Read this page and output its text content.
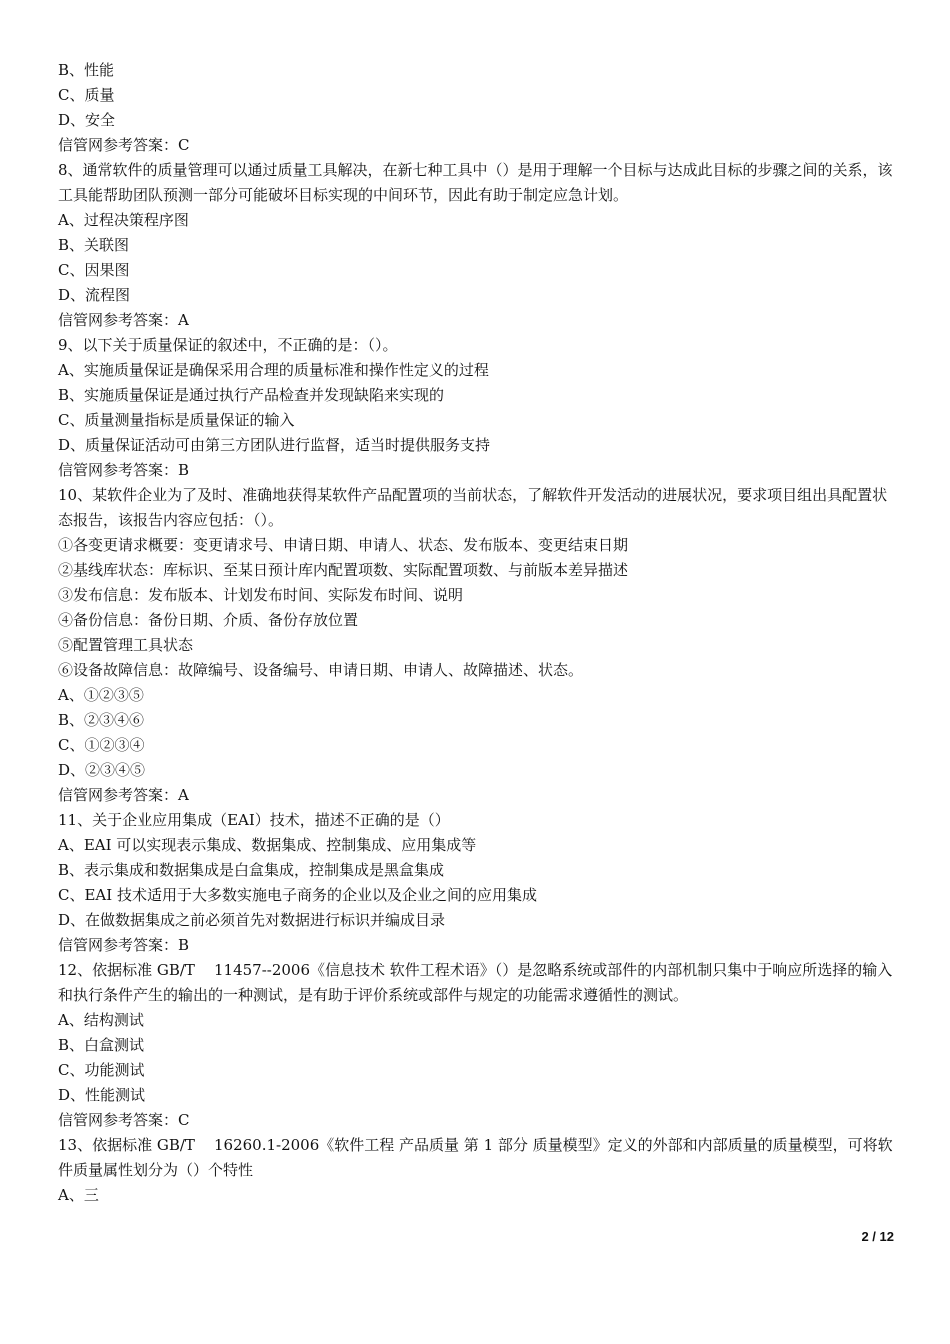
B、性能

C、质量

D、安全

信管网参考答案：C

8、通常软件的质量管理可以通过质量工具解决，在新七种工具中（）是用于理解一个目标与达成此目标的步骤之间的关系，该工具能帮助团队预测一部分可能破坏目标实现的中间环节，因此有助于制定应急计划。

A、过程决策程序图

B、关联图

C、因果图

D、流程图

信管网参考答案：A

9、以下关于质量保证的叙述中，不正确的是：（）。

A、实施质量保证是确保采用合理的质量标准和操作性定义的过程

B、实施质量保证是通过执行产品检查并发现缺陷来实现的

C、质量测量指标是质量保证的输入

D、质量保证活动可由第三方团队进行监督，适当时提供服务支持

信管网参考答案：B

10、某软件企业为了及时、准确地获得某软件产品配置项的当前状态，了解软件开发活动的进展状况，要求项目组出具配置状态报告，该报告内容应包括：（）。

①各变更请求概要：变更请求号、申请日期、申请人、状态、发布版本、变更结束日期

②基线库状态：库标识、至某日预计库内配置项数、实际配置项数、与前版本差异描述

③发布信息：发布版本、计划发布时间、实际发布时间、说明

④备份信息：备份日期、介质、备份存放位置

⑤配置管理工具状态

⑥设备故障信息：故障编号、设备编号、申请日期、申请人、故障描述、状态。

A、①②③⑤

B、②③④⑥

C、①②③④

D、②③④⑤

信管网参考答案：A

11、关于企业应用集成（EAI）技术，描述不正确的是（）

A、EAI 可以实现表示集成、数据集成、控制集成、应用集成等

B、表示集成和数据集成是白盒集成，控制集成是黑盒集成

C、EAI 技术适用于大多数实施电子商务的企业以及企业之间的应用集成

D、在做数据集成之前必须首先对数据进行标识并编成目录

信管网参考答案：B

12、依据标准 GB/T    11457--2006《信息技术 软件工程术语》（）是忽略系统或部件的内部机制只集中于响应所选择的输入和执行条件产生的输出的一种测试，是有助于评价系统或部件与规定的功能需求遵循性的测试。

A、结构测试

B、白盒测试

C、功能测试

D、性能测试

信管网参考答案：C

13、依据标准 GB/T    16260.1-2006《软件工程 产品质量 第 1 部分 质量模型》定义的外部和内部质量的质量模型，可将软件质量属性划分为（）个特性

A、三

2 / 12
